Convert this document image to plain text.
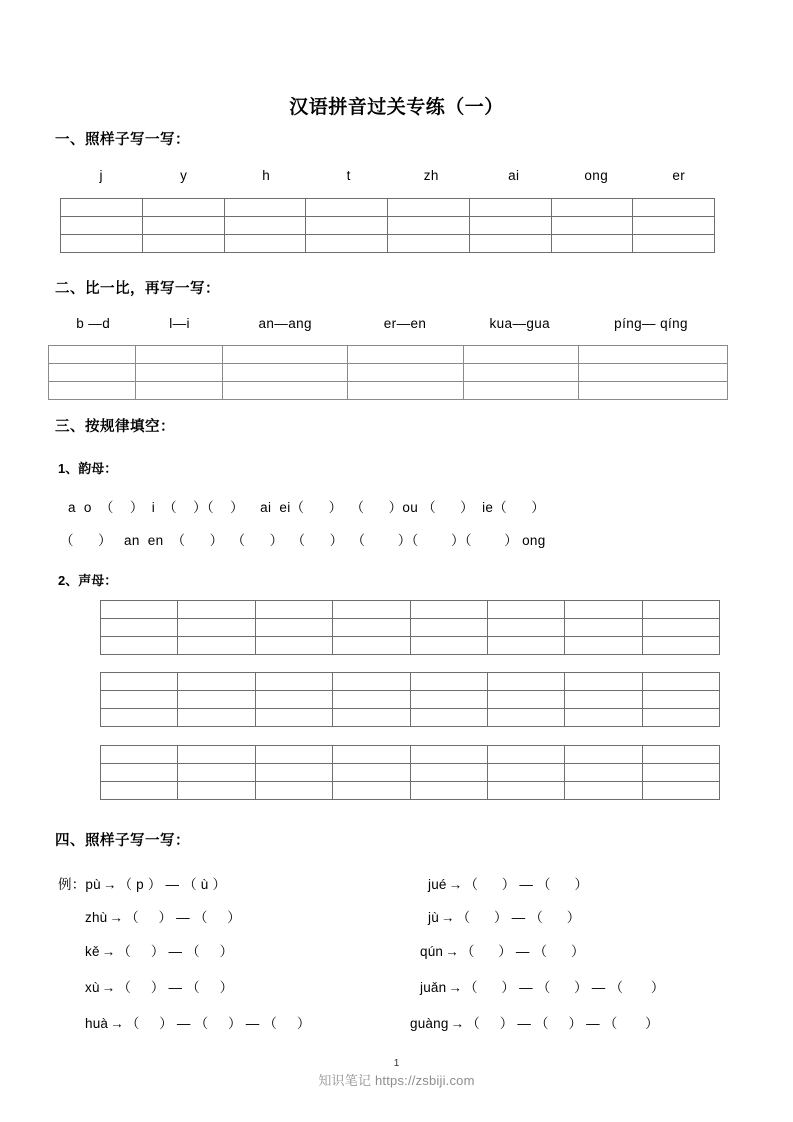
汉语拼音过关专练（一）
一、照样子写一写：
j	y	h	t	zh	ai	ong	er

二、比一比，再写一写：
b —d	l—i	an—ang	er—en	kua—gua	píng— qíng

三、按规律填空：
1、韵母：
a  o  （    ）  i  （    ）（    ）    ai  ei（      ）  （      ）ou （      ）  ie（      ）
（      ）   an  en  （      ）  （      ）  （      ）  （        ）（        ）（        ） ong
2、声母：

四、照样子写一写：
例：pù → （ p ） — （ ù ）
zhù → （     ） — （     ）
kě → （     ） — （     ）
xù → （     ） — （     ）
huà → （     ） — （     ） — （     ）
jué → （      ） — （      ）
jù → （      ） — （      ）
qún → （      ） — （      ）
juǎn → （      ） — （      ） — （       ）
guàng → （     ） — （     ） — （       ）
1
知识笔记 https://zsbiji.com
